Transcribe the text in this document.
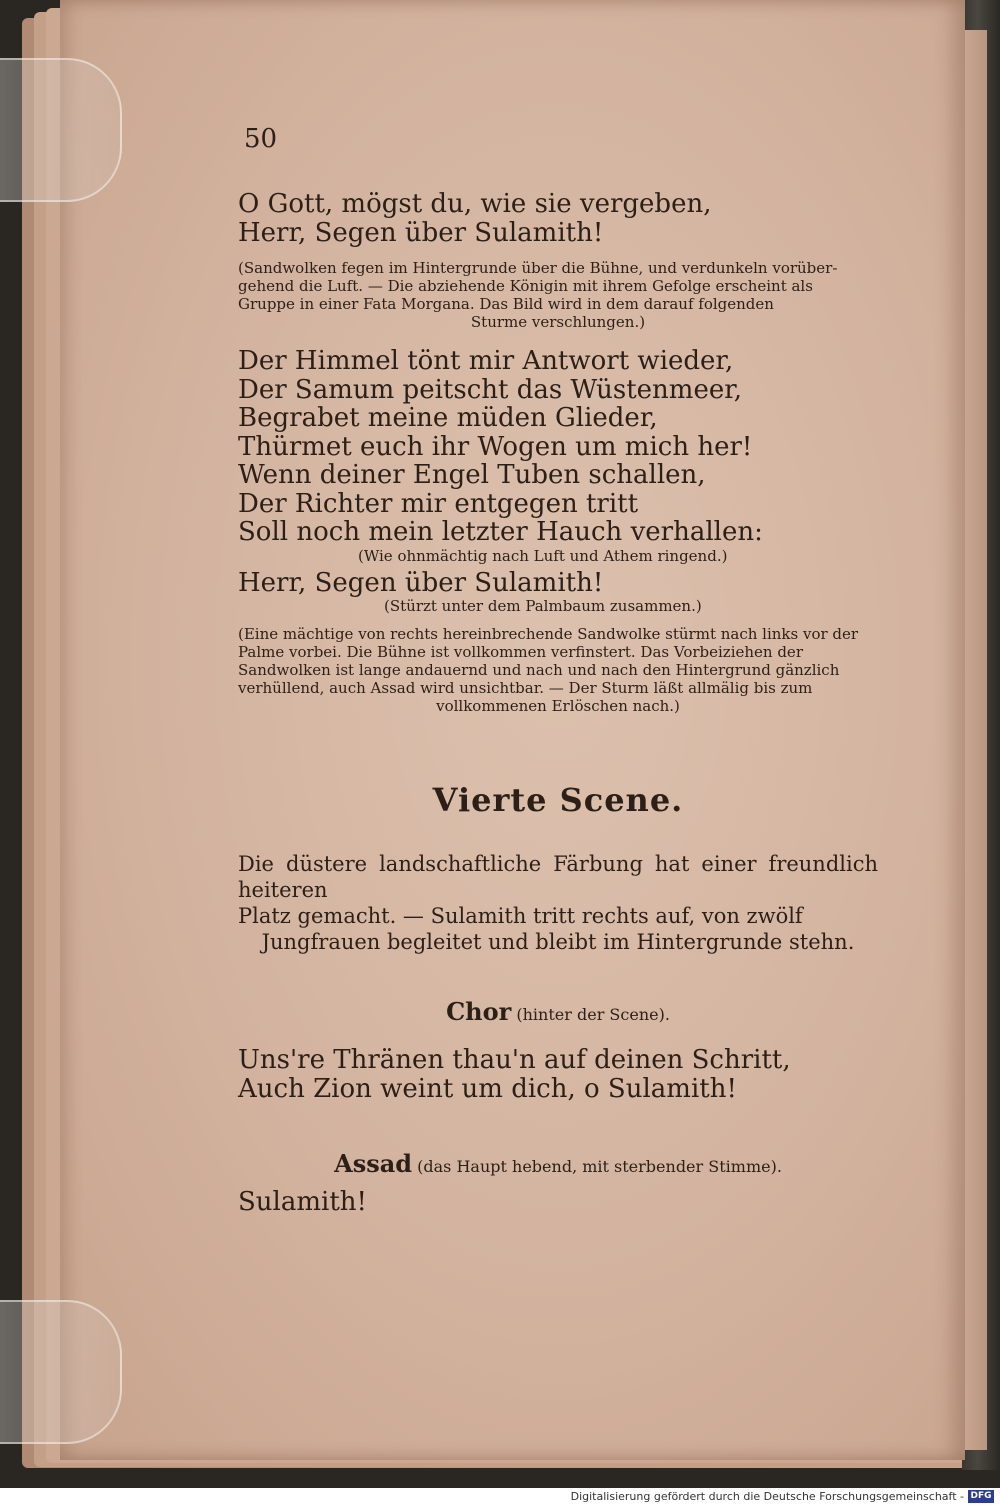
50

O Gott, mögst du, wie sie vergeben,

Herr, Segen über Sulamith!

(Sandwolken fegen im Hintergrunde über die Bühne, und verdunkeln vorüber-

gehend die Luft. — Die abziehende Königin mit ihrem Gefolge erscheint als

Gruppe in einer Fata Morgana. Das Bild wird in dem darauf folgenden

Sturme verschlungen.)

Der Himmel tönt mir Antwort wieder,

Der Samum peitscht das Wüstenmeer,

Begrabet meine müden Glieder,

Thürmet euch ihr Wogen um mich her!

Wenn deiner Engel Tuben schallen,

Der Richter mir entgegen tritt

Soll noch mein letzter Hauch verhallen:

(Wie ohnmächtig nach Luft und Athem ringend.)

Herr, Segen über Sulamith!

(Stürzt unter dem Palmbaum zusammen.)

(Eine mächtige von rechts hereinbrechende Sandwolke stürmt nach links vor der

Palme vorbei. Die Bühne ist vollkommen verfinstert. Das Vorbeiziehen der

Sandwolken ist lange andauernd und nach und nach den Hintergrund gänzlich

verhüllend, auch Assad wird unsichtbar. — Der Sturm läßt allmälig bis zum

vollkommenen Erlöschen nach.)

Vierte Scene.

Die düstere landschaftliche Färbung hat einer freundlich heiteren

Platz gemacht. — Sulamith tritt rechts auf, von zwölf

Jungfrauen begleitet und bleibt im Hintergrunde stehn.

Chor (hinter der Scene).

Uns're Thränen thau'n auf deinen Schritt,

Auch Zion weint um dich, o Sulamith!

Assad (das Haupt hebend, mit sterbender Stimme).

Sulamith!

Digitalisierung gefördert durch die Deutsche Forschungsgemeinschaft - DFG
